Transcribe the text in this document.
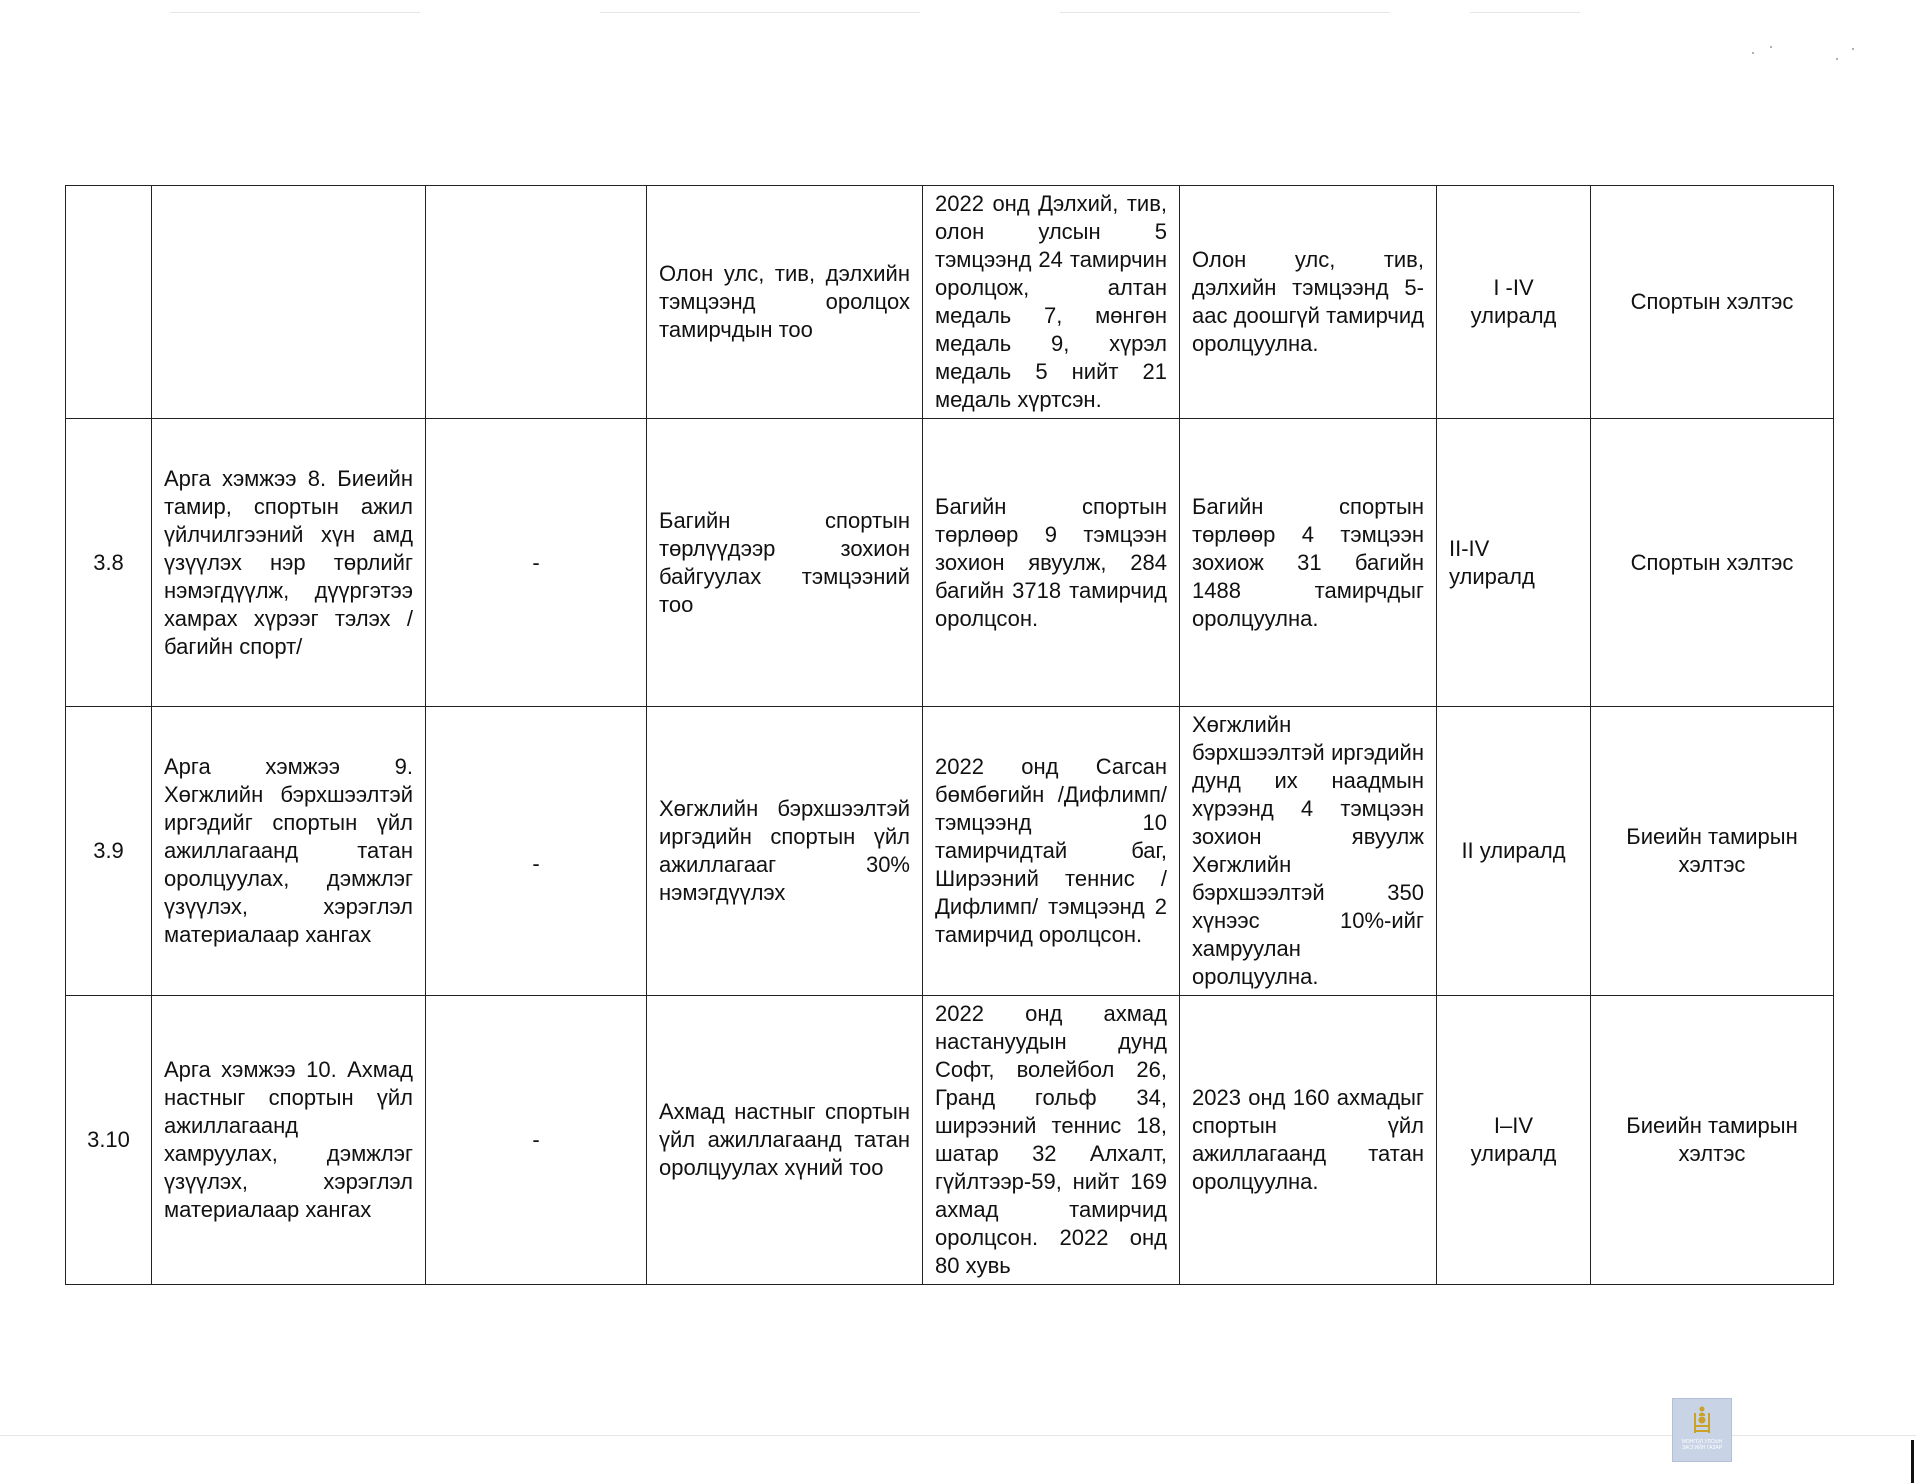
			Олон улс, тив, дэлхийн тэмцээнд оролцох тамирчдын тоо	2022 онд Дэлхий, тив, олон улсын 5 тэмцээнд 24 тамирчин оролцож, алтан медаль 7, мөнгөн медаль 9, хүрэл медаль 5 нийт 21 медаль хүртсэн.	Олон улс, тив, дэлхийн тэмцээнд 5-аас доошгүй тамирчид оролцуулна.	I -IV улиралд	Спортын хэлтэс
3.8	Арга хэмжээ 8. Биеийн тамир, спортын ажил үйлчилгээний хүн амд үзүүлэх нэр төрлийг нэмэгдүүлж, дүүргэтээ хамрах хүрээг тэлэх / багийн спорт/	-	Багийн спортын төрлүүдээр зохион байгуулах тэмцээний тоо	Багийн спортын төрлөөр 9 тэмцээн зохион явуулж, 284 багийн 3718 тамирчид оролцсон.	Багийн спортын төрлөөр 4 тэмцээн зохиож 31 багийн 1488 тамирчдыг оролцуулна.	II-IV улиралд	Спортын хэлтэс
3.9	Арга хэмжээ 9. Хөгжлийн бэрхшээлтэй иргэдийг спортын үйл ажиллагаанд татан оролцуулах, дэмжлэг үзүүлэх, хэрэглэл материалаар хангах	-	Хөгжлийн бэрхшээлтэй иргэдийн спортын үйл ажиллагааг 30% нэмэгдүүлэх	2022 онд Сагсан бөмбөгийн /Дифлимп/ тэмцээнд 10 тамирчидтай баг, Ширээний теннис /Дифлимп/ тэмцээнд 2 тамирчид оролцсон.	Хөгжлийн бэрхшээлтэй иргэдийн дунд их наадмын хүрээнд 4 тэмцээн зохион явуулж Хөгжлийн бэрхшээлтэй 350 хүнээс 10%-ийг хамруулан оролцуулна.	II улиралд	Биеийн тамирын хэлтэс
3.10	Арга хэмжээ 10. Ахмад настныг спортын үйл ажиллагаанд хамруулах, дэмжлэг үзүүлэх, хэрэглэл материалаар хангах	-	Ахмад настныг спортын үйл ажиллагаанд татан оролцуулах хүний тоо	2022 онд ахмад настануудын дунд Софт, волейбол 26, Гранд гольф 34, ширээний теннис 18, шатар 32 Алхалт, гүйлтээр-59, нийт 169 ахмад тамирчид оролцсон. 2022 онд 80 хувь	2023 онд 160 ахмадыг спортын үйл ажиллагаанд татан оролцуулна.	I–IV улиралд	Биеийн тамирын хэлтэс
МОНГОЛ УЛСЫН
ЗАСГИЙН ГАЗАР
